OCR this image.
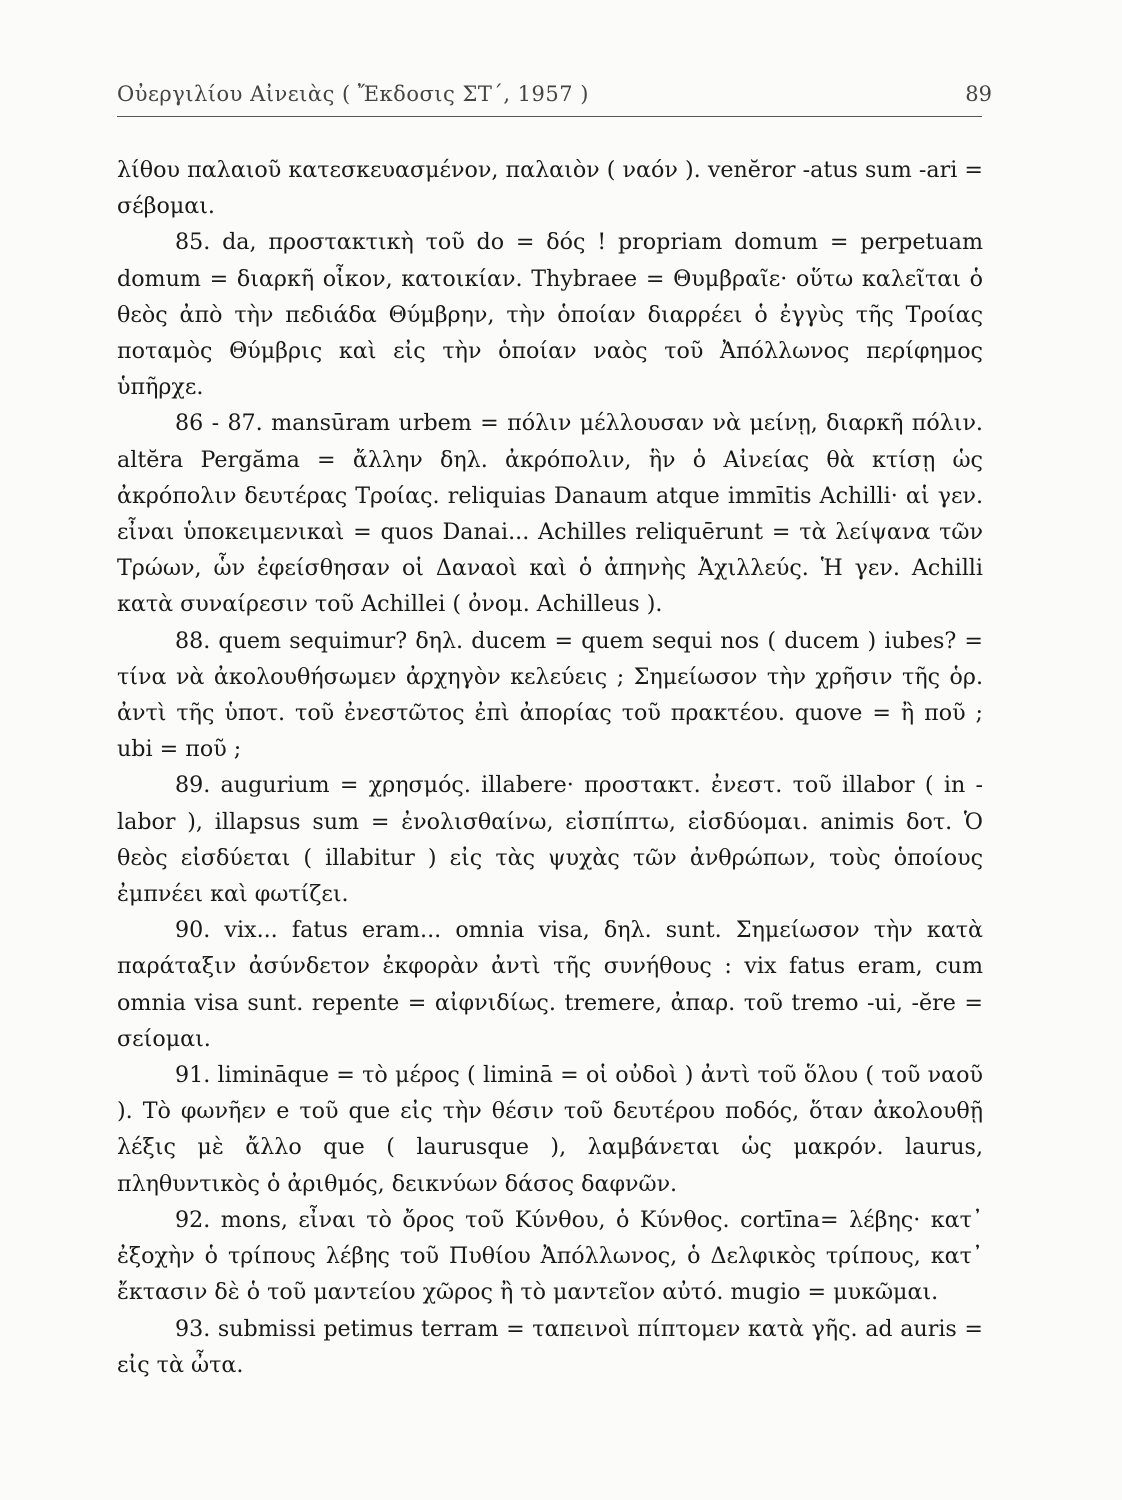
Οὐεργιλίου Αἰνειὰς ( Ἔκδοσις ΣΤ΄, 1957 )	89

λίθου παλαιοῦ κατεσκευασμένον, παλαιὸν ( ναόν ). venĕror -atus sum -ari = σέβομαι.

85. da, προστακτικὴ τοῦ do = δός ! propriam domum = perpetuam domum = διαρκῆ οἶκον, κατοικίαν. Thybraee = Θυμβραῖε· οὕτω καλεῖται ὁ θεὸς ἀπὸ τὴν πεδιάδα Θύμβρην, τὴν ὁποίαν διαρρέει ὁ ἐγγὺς τῆς Τροίας ποταμὸς Θύμβρις καὶ εἰς τὴν ὁποίαν ναὸς τοῦ Ἀπόλλωνος περίφημος ὑπῆρχε.

86 - 87. mansūram urbem = πόλιν μέλλουσαν νὰ μείνῃ, διαρκῆ πόλιν. altĕra Pergăma = ἄλλην δηλ. ἀκρόπολιν, ἣν ὁ Αἰνείας θὰ κτίσῃ ὡς ἀκρόπολιν δευτέρας Τροίας. reliquias Danaum atque immītis Achilli· αἱ γεν. εἶναι ὑποκειμενικαὶ = quos Danai... Achilles reliquērunt = τὰ λείψανα τῶν Τρώων, ὧν ἐφείσθησαν οἱ Δαναοὶ καὶ ὁ ἀπηνὴς Ἀχιλλεύς. Ἡ γεν. Achilli κατὰ συναίρεσιν τοῦ Achillei ( ὀνομ. Achilleus ).

88. quem sequimur? δηλ. ducem = quem sequi nos ( ducem ) iubes? = τίνα νὰ ἀκολουθήσωμεν ἀρχηγὸν κελεύεις ; Σημείωσον τὴν χρῆσιν τῆς ὁρ. ἀντὶ τῆς ὑποτ. τοῦ ἐνεστῶτος ἐπὶ ἀπορίας τοῦ πρακτέου. quove = ἢ ποῦ ; ubi = ποῦ ;

89. augurium = χρησμός. illabere· προστακτ. ἐνεστ. τοῦ illabor ( in - labor ), illapsus sum = ἐνολισθαίνω, εἰσπίπτω, εἰσδύομαι. animis δοτ. Ὁ θεὸς εἰσδύεται ( illabitur ) εἰς τὰς ψυχὰς τῶν ἀνθρώπων, τοὺς ὁποίους ἐμπνέει καὶ φωτίζει.

90. vix... fatus eram... omnia visa, δηλ. sunt. Σημείωσον τὴν κατὰ παράταξιν ἀσύνδετον ἐκφορὰν ἀντὶ τῆς συνήθους : vix fatus eram, cum omnia visa sunt. repente = αἰφνιδίως. tremere, ἀπαρ. τοῦ tremo -ui, -ĕre = σείομαι.

91. limināque = τὸ μέρος ( liminā = οἱ οὐδοὶ ) ἀντὶ τοῦ ὅλου ( τοῦ ναοῦ ). Τὸ φωνῆεν e τοῦ que εἰς τὴν θέσιν τοῦ δευτέρου ποδός, ὅταν ἀκολουθῇ λέξις μὲ ἄλλο que ( laurusque ), λαμβάνεται ὡς μακρόν. laurus, πληθυντικὸς ὁ ἀριθμός, δεικνύων δάσος δαφνῶν.

92. mons, εἶναι τὸ ὄρος τοῦ Κύνθου, ὁ Κύνθος. cortīna= λέβης· κατ᾽ ἐξοχὴν ὁ τρίπους λέβης τοῦ Πυθίου Ἀπόλλωνος, ὁ Δελφικὸς τρίπους, κατ᾽ ἔκτασιν δὲ ὁ τοῦ μαντείου χῶρος ἢ τὸ μαντεῖον αὐτό. mugio = μυκῶμαι.

93. submissi petimus terram = ταπεινοὶ πίπτομεν κατὰ γῆς. ad auris = εἰς τὰ ὦτα.
